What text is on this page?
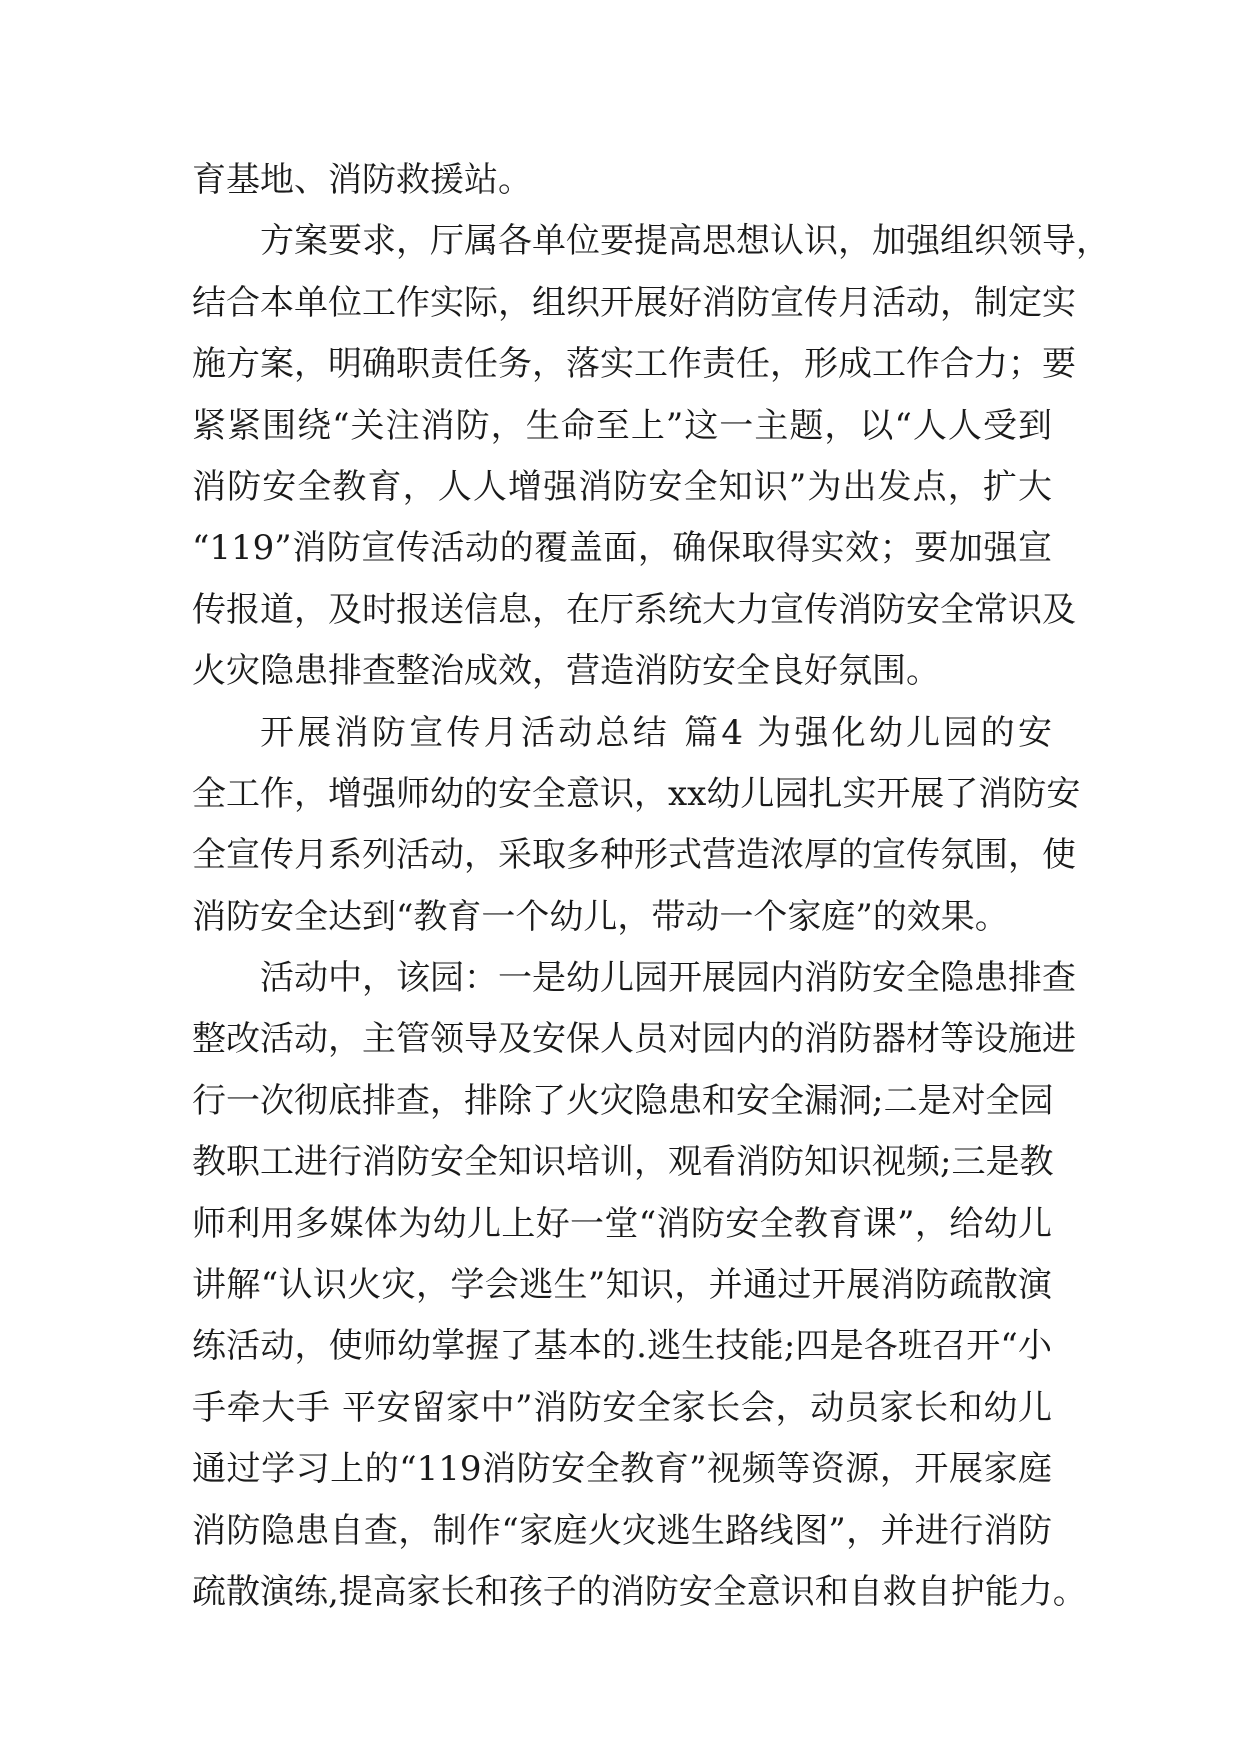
育基地、消防救援站。
方案要求，厅属各单位要提高思想认识，加强组织领导，
结合本单位工作实际，组织开展好消防宣传月活动，制定实
施方案，明确职责任务，落实工作责任，形成工作合力；要
紧紧围绕“关注消防，生命至上”这一主题，以“人人受到
消防安全教育，人人增强消防安全知识”为出发点，扩大
“119”消防宣传活动的覆盖面，确保取得实效；要加强宣
传报道，及时报送信息，在厅系统大力宣传消防安全常识及
火灾隐患排查整治成效，营造消防安全良好氛围。
开展消防宣传月活动总结 篇4 为强化幼儿园的安
全工作，增强师幼的安全意识，xx幼儿园扎实开展了消防安
全宣传月系列活动，采取多种形式营造浓厚的宣传氛围，使
消防安全达到“教育一个幼儿，带动一个家庭”的效果。
活动中，该园：一是幼儿园开展园内消防安全隐患排查
整改活动，主管领导及安保人员对园内的消防器材等设施进
行一次彻底排查，排除了火灾隐患和安全漏洞;二是对全园
教职工进行消防安全知识培训，观看消防知识视频;三是教
师利用多媒体为幼儿上好一堂“消防安全教育课”，给幼儿
讲解“认识火灾，学会逃生”知识，并通过开展消防疏散演
练活动，使师幼掌握了基本的.逃生技能;四是各班召开“小
手牵大手 平安留家中”消防安全家长会，动员家长和幼儿
通过学习上的“119消防安全教育”视频等资源，开展家庭
消防隐患自查，制作“家庭火灾逃生路线图”，并进行消防
疏散演练,提高家长和孩子的消防安全意识和自救自护能力。
